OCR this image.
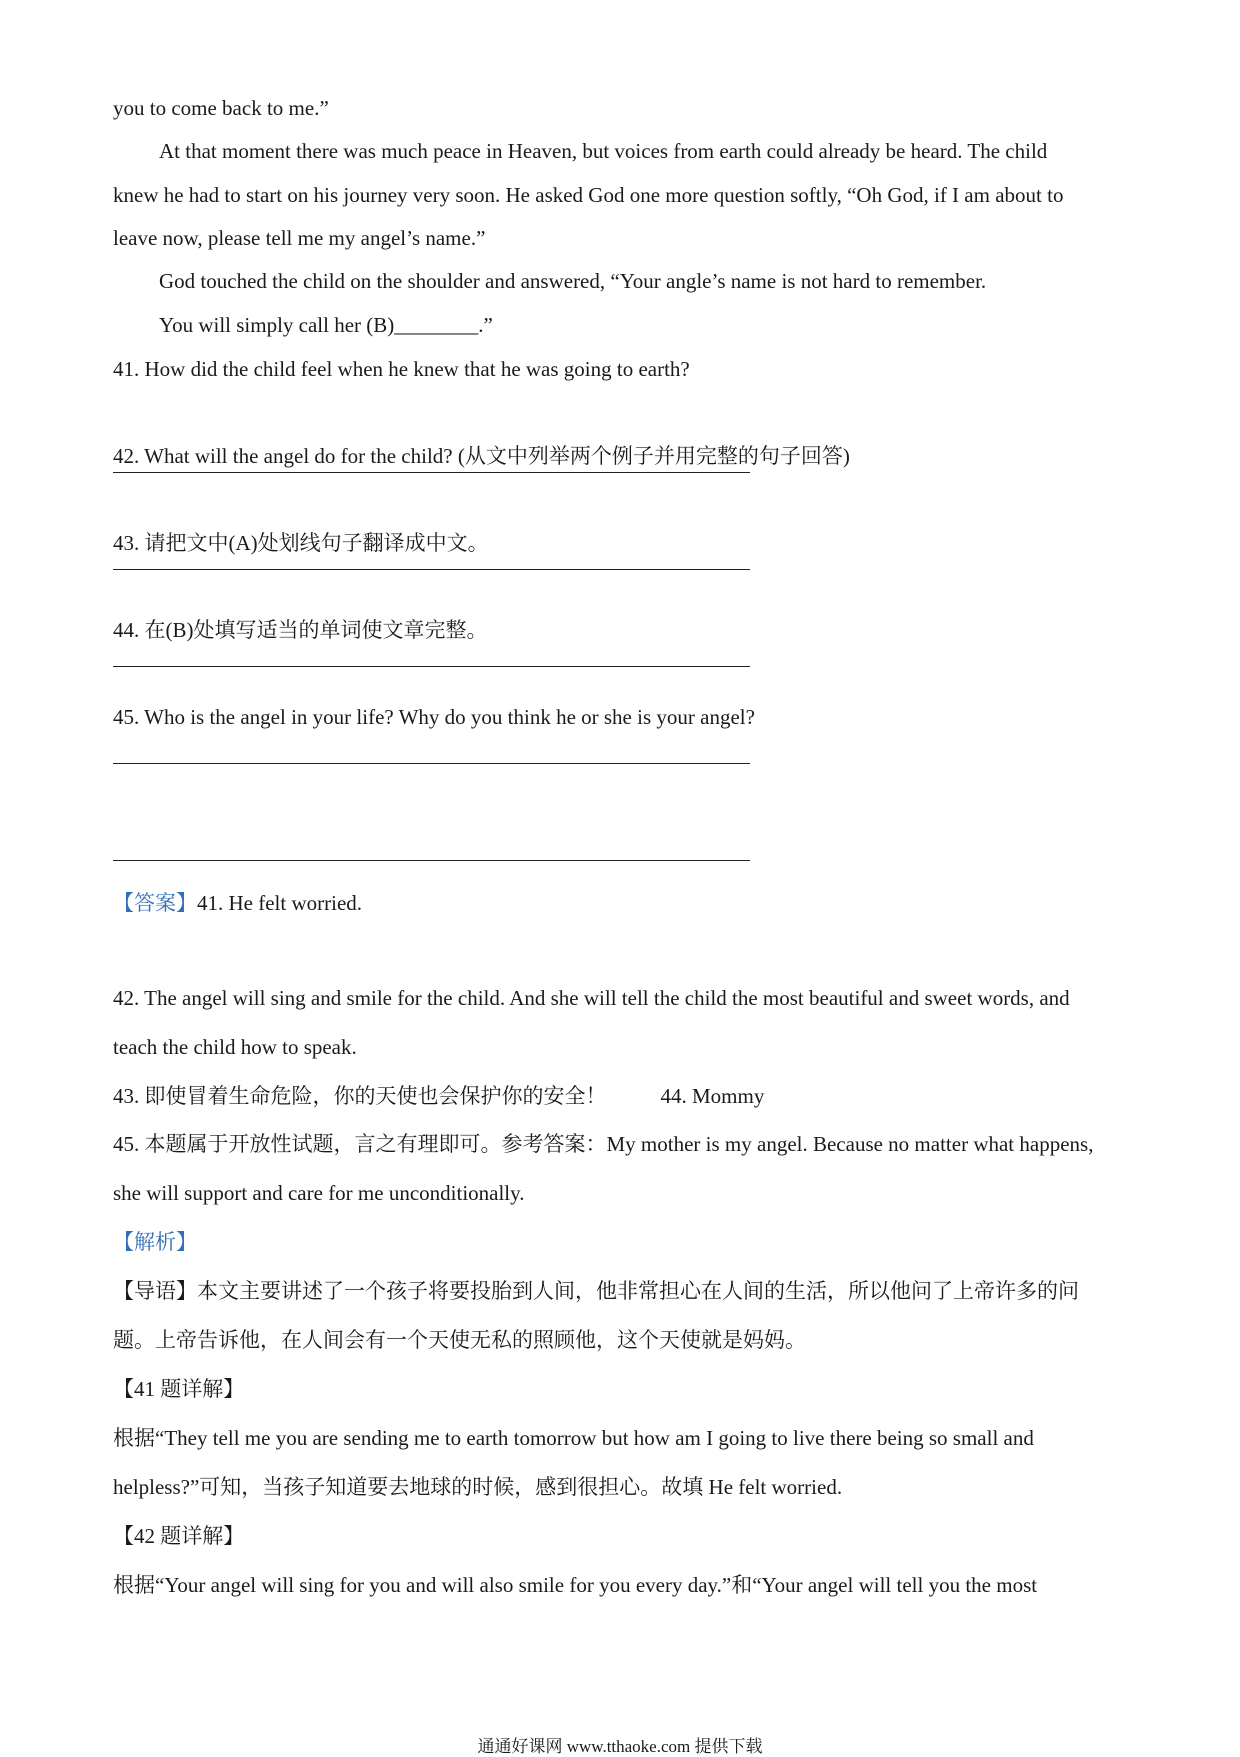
you to come back to me.”
At that moment there was much peace in Heaven, but voices from earth could already be heard. The child
knew he had to start on his journey very soon. He asked God one more question softly, “Oh God, if I am about to
leave now, please tell me my angel’s name.”
God touched the child on the shoulder and answered, “Your angle’s name is not hard to remember.
You will simply call her (B)________.”
41. How did the child feel when he knew that he was going to earth?
42. What will the angel do for the child? (从文中列举两个例子并用完整的句子回答)
43. 请把文中(A)处划线句子翻译成中文。
44. 在(B)处填写适当的单词使文章完整。
45. Who is the angel in your life? Why do you think he or she is your angel?
【答案】41. He felt worried.
42. The angel will sing and smile for the child. And she will tell the child the most beautiful and sweet words, and
teach the child how to speak.
43. 即使冒着生命危险，你的天使也会保护你的安全！	44. Mommy
45. 本题属于开放性试题，言之有理即可。参考答案：My mother is my angel. Because no matter what happens,
she will support and care for me unconditionally.
【解析】
【导语】本文主要讲述了一个孩子将要投胎到人间，他非常担心在人间的生活，所以他问了上帝许多的问
题。上帝告诉他，在人间会有一个天使无私的照顾他，这个天使就是妈妈。
【41 题详解】
根据“They tell me you are sending me to earth tomorrow but how am I going to live there being so small and
helpless?”可知，当孩子知道要去地球的时候，感到很担心。故填 He felt worried.
【42 题详解】
根据“Your angel will sing for you and will also smile for you every day.”和“Your angel will tell you the most
通通好课网 www.tthaoke.com 提供下载
